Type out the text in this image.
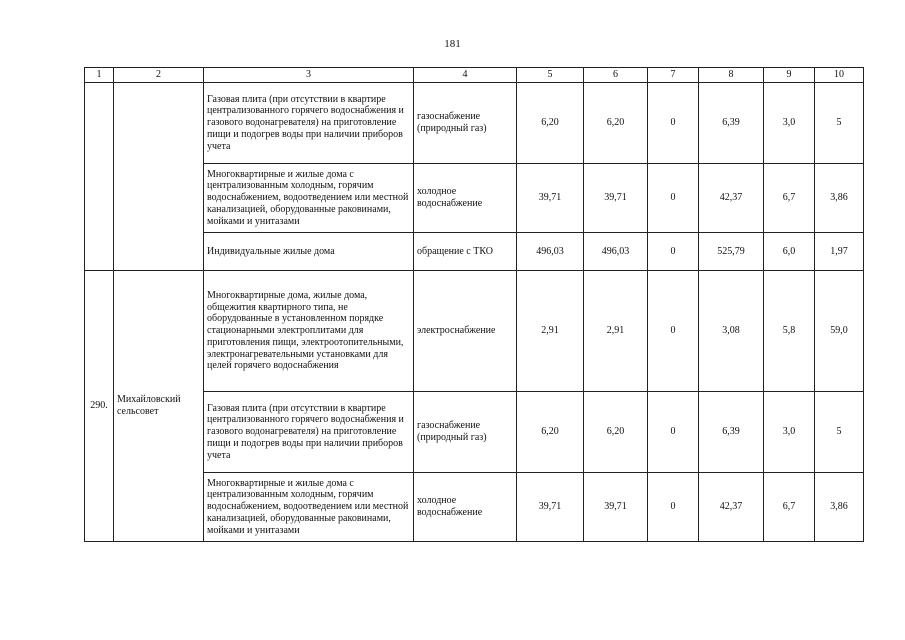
181
1	2	3	4	5	6	7	8	9	10
		Газовая плита (при отсутствии в квартире централизованного горячего водоснабжения и газового водонагревателя) на приготовление пищи и подогрев воды при наличии приборов учета	газоснабжение (природный газ)	6,20	6,20	0	6,39	3,0	5
		Многоквартирные и жилые дома с централизованным холодным, горячим водоснабжением, водоотведением или местной канализацией, оборудованные раковинами, мойками и унитазами	холодное водоснабжение	39,71	39,71	0	42,37	6,7	3,86
		Индивидуальные жилые дома	обращение с ТКО	496,03	496,03	0	525,79	6,0	1,97
290.	Михайловский сельсовет	Многоквартирные дома, жилые дома, общежития квартирного типа, не оборудованные в установленном порядке стационарными электроплитами для приготовления пищи, электроотопительными, электронагревательными установками для целей горячего водоснабжения	электроснабжение	2,91	2,91	0	3,08	5,8	59,0
		Газовая плита (при отсутствии в квартире централизованного горячего водоснабжения и газового водонагревателя) на приготовление пищи и подогрев воды при наличии приборов учета	газоснабжение (природный газ)	6,20	6,20	0	6,39	3,0	5
		Многоквартирные и жилые дома с централизованным холодным, горячим водоснабжением, водоотведением или местной канализацией, оборудованные раковинами, мойками и унитазами	холодное водоснабжение	39,71	39,71	0	42,37	6,7	3,86
